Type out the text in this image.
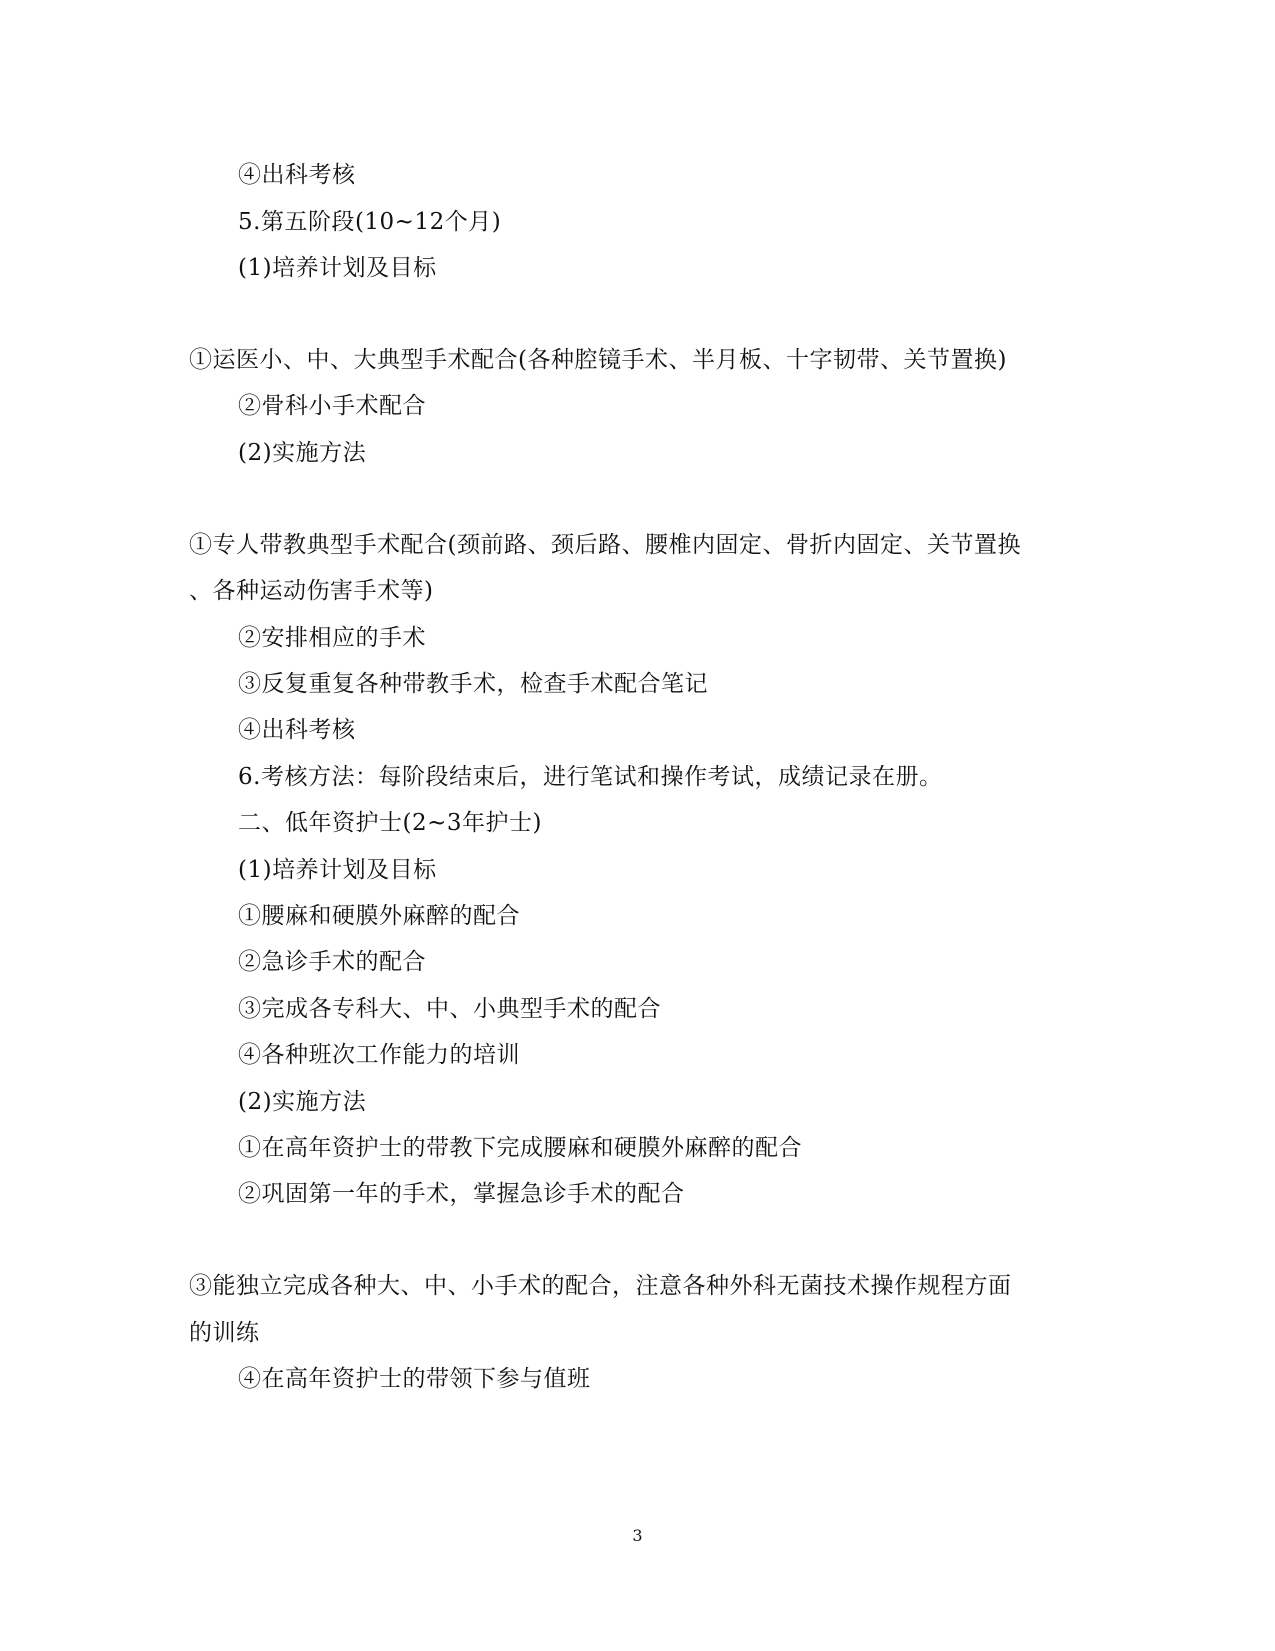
④出科考核
5.第五阶段(10~12个月)
(1)培养计划及目标
①运医小、中、大典型手术配合(各种腔镜手术、半月板、十字韧带、关节置换)
②骨科小手术配合
(2)实施方法
①专人带教典型手术配合(颈前路、颈后路、腰椎内固定、骨折内固定、关节置换
、各种运动伤害手术等)
②安排相应的手术
③反复重复各种带教手术，检查手术配合笔记
④出科考核
6.考核方法：每阶段结束后，进行笔试和操作考试，成绩记录在册。
二、低年资护士(2~3年护士)
(1)培养计划及目标
①腰麻和硬膜外麻醉的配合
②急诊手术的配合
③完成各专科大、中、小典型手术的配合
④各种班次工作能力的培训
(2)实施方法
①在高年资护士的带教下完成腰麻和硬膜外麻醉的配合
②巩固第一年的手术，掌握急诊手术的配合
③能独立完成各种大、中、小手术的配合，注意各种外科无菌技术操作规程方面
的训练
④在高年资护士的带领下参与值班
3
